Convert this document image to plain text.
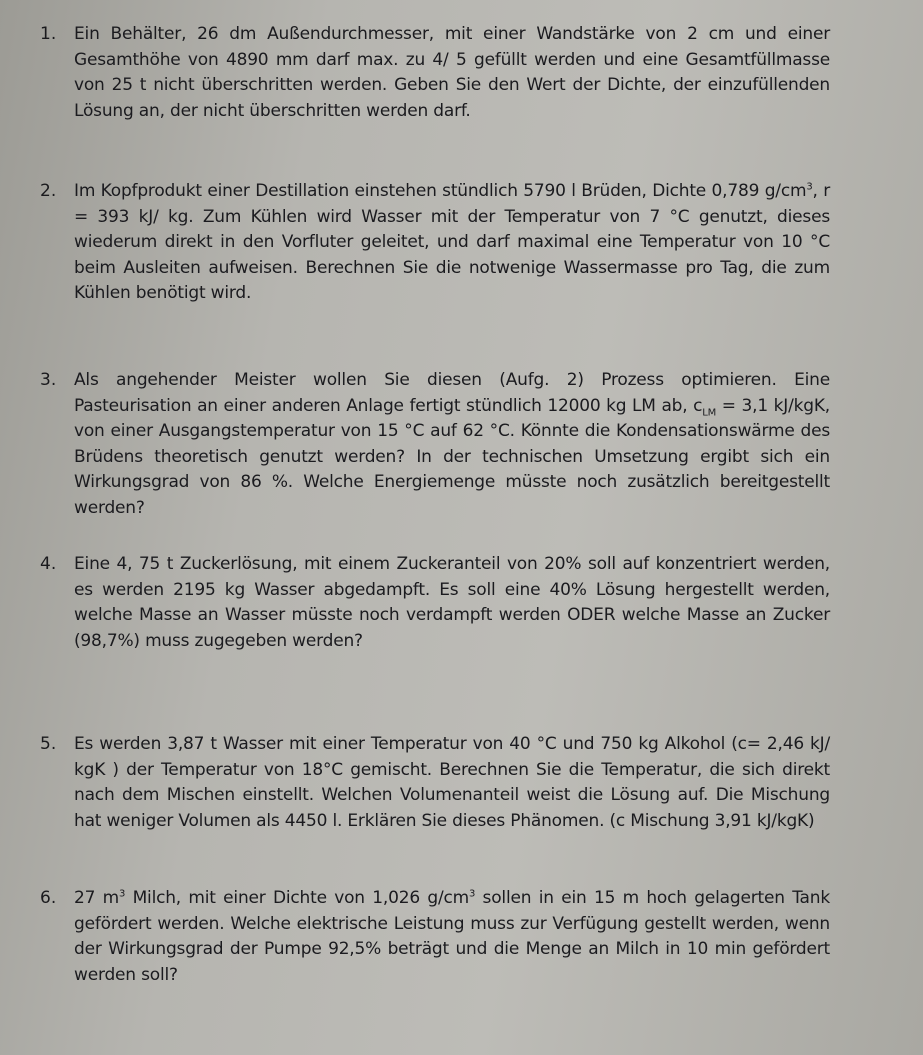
1.	Ein Behälter, 26 dm Außendurchmesser, mit einer Wandstärke von 2 cm und einer Gesamthöhe von 4890 mm darf max. zu 4/ 5 gefüllt werden und eine Gesamtfüllmasse von 25 t nicht überschritten werden. Geben Sie den Wert der Dichte, der einzufüllenden Lösung an, der nicht überschritten werden darf.

2.	Im Kopfprodukt einer Destillation einstehen stündlich 5790 l Brüden, Dichte 0,789 $g/cm^3$, r = 393 kJ/ kg. Zum Kühlen wird Wasser mit der Temperatur von 7 °C genutzt, dieses wiederum direkt in den Vorfluter geleitet, und darf maximal eine Temperatur von 10 °C beim Ausleiten aufweisen. Berechnen Sie die notwenige Wassermasse pro Tag, die zum Kühlen benötigt wird.

3.	Als angehender Meister wollen Sie diesen (Aufg. 2) Prozess optimieren. Eine Pasteurisation an einer anderen Anlage fertigt stündlich 12000 kg LM ab, $c_{LM} = 3,1$ kJ/kgK, von einer Ausgangstemperatur von 15 °C auf 62 °C. Könnte die Kondensationswärme des Brüdens theoretisch genutzt werden? In der technischen Umsetzung ergibt sich ein Wirkungsgrad von 86 %. Welche Energiemenge müsste noch zusätzlich bereitgestellt werden?

4.	Eine 4, 75 t Zuckerlösung, mit einem Zuckeranteil von 20% soll auf konzentriert werden, es werden 2195 kg Wasser abgedampft. Es soll eine 40% Lösung hergestellt werden, welche Masse an Wasser müsste noch verdampft werden ODER welche Masse an Zucker (98,7%) muss zugegeben werden?

5.	Es werden 3,87 t Wasser mit einer Temperatur von 40 °C und 750 kg Alkohol (c= 2,46 kJ/ kgK ) der Temperatur von 18°C gemischt. Berechnen Sie die Temperatur, die sich direkt nach dem Mischen einstellt. Welchen Volumenanteil weist die Lösung auf. Die Mischung hat weniger Volumen als 4450 l. Erklären Sie dieses Phänomen. (c Mischung 3,91 kJ/kgK)

6.	27 $m^3$ Milch, mit einer Dichte von 1,026 $g/cm^3$ sollen in ein 15 m hoch gelagerten Tank gefördert werden. Welche elektrische Leistung muss zur Verfügung gestellt werden, wenn der Wirkungsgrad der Pumpe 92,5% beträgt und die Menge an Milch in 10 min gefördert werden soll?
